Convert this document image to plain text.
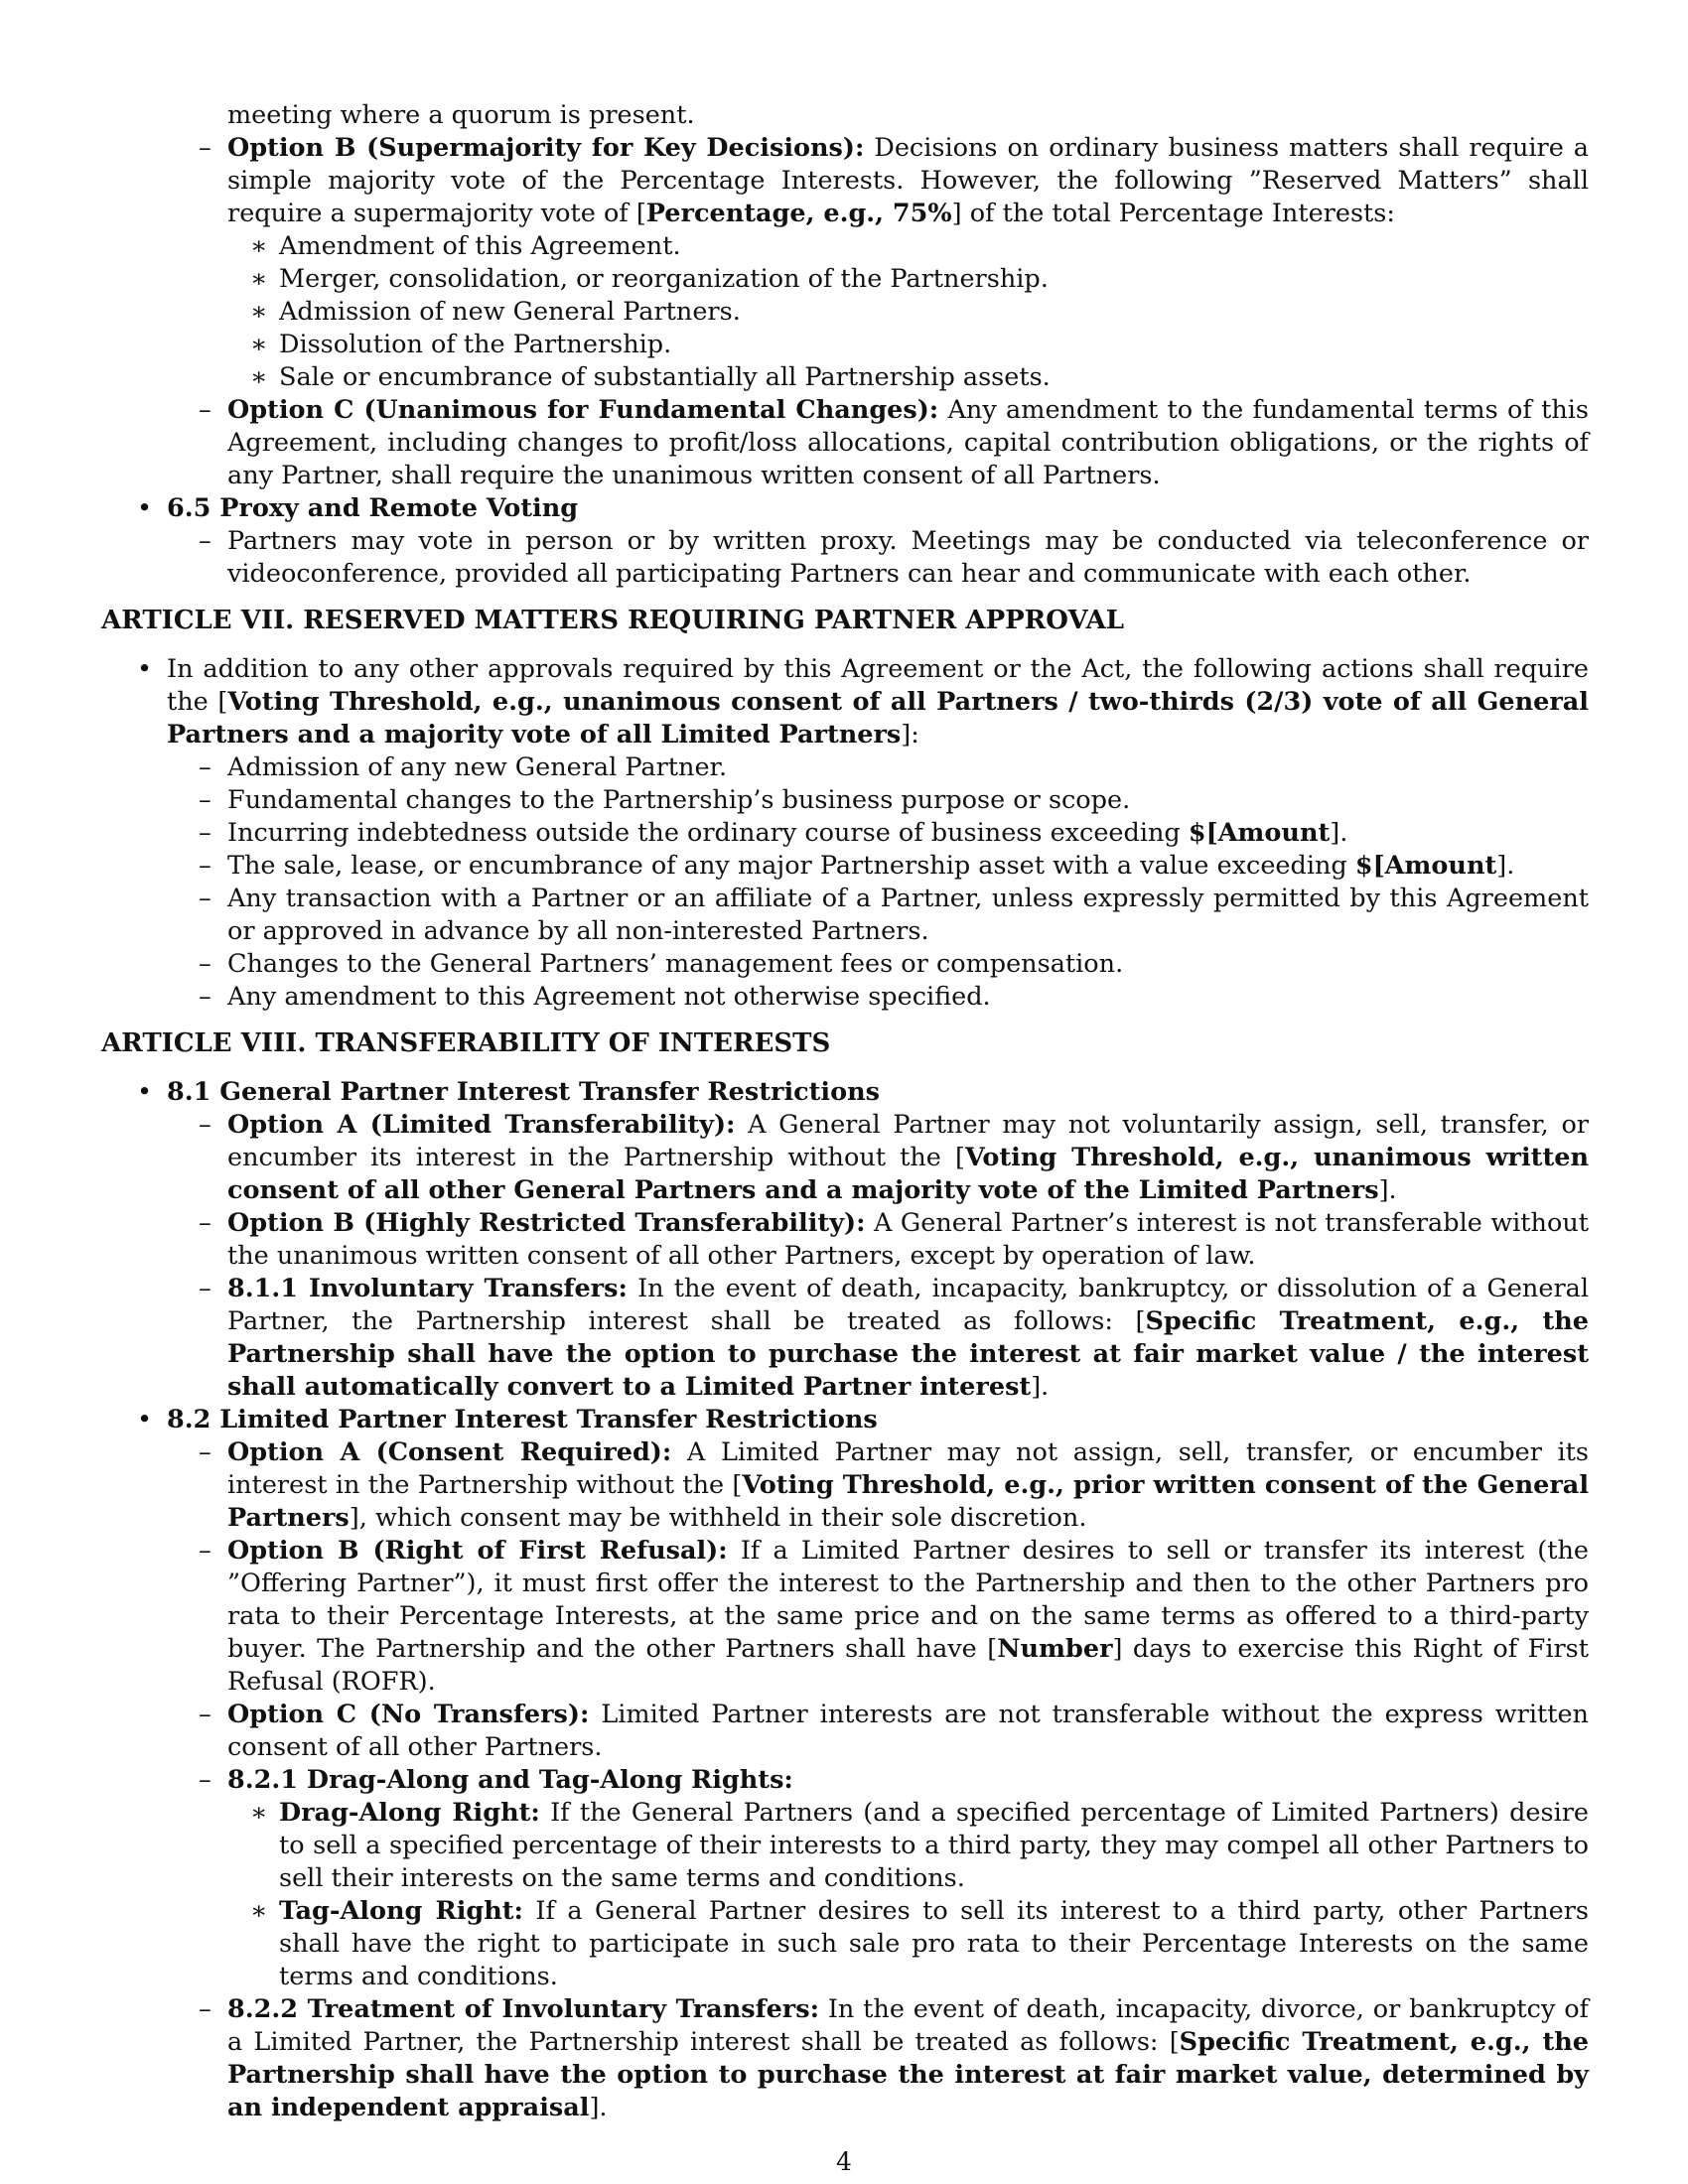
meeting where a quorum is present.

– Option B (Supermajority for Key Decisions): Decisions on ordinary business matters shall require a simple majority vote of the Percentage Interests. However, the following ”Reserved Matters” shall require a supermajority vote of [Percentage, e.g., 75%] of the total Percentage Interests:

∗ Amendment of this Agreement.

∗ Merger, consolidation, or reorganization of the Partnership.

∗ Admission of new General Partners.

∗ Dissolution of the Partnership.

∗ Sale or encumbrance of substantially all Partnership assets.

– Option C (Unanimous for Fundamental Changes): Any amendment to the fundamental terms of this Agreement, including changes to profit/loss allocations, capital contribution obligations, or the rights of any Partner, shall require the unanimous written consent of all Partners.

• 6.5 Proxy and Remote Voting

– Partners may vote in person or by written proxy. Meetings may be conducted via teleconference or videoconference, provided all participating Partners can hear and communicate with each other.

ARTICLE VII. RESERVED MATTERS REQUIRING PARTNER APPROVAL

• In addition to any other approvals required by this Agreement or the Act, the following actions shall require the [Voting Threshold, e.g., unanimous consent of all Partners / two-thirds (2/3) vote of all General Partners and a majority vote of all Limited Partners]:

– Admission of any new General Partner.

– Fundamental changes to the Partnership’s business purpose or scope.

– Incurring indebtedness outside the ordinary course of business exceeding $[Amount].

– The sale, lease, or encumbrance of any major Partnership asset with a value exceeding $[Amount].

– Any transaction with a Partner or an affiliate of a Partner, unless expressly permitted by this Agreement or approved in advance by all non-interested Partners.

– Changes to the General Partners’ management fees or compensation.

– Any amendment to this Agreement not otherwise specified.

ARTICLE VIII. TRANSFERABILITY OF INTERESTS

• 8.1 General Partner Interest Transfer Restrictions

– Option A (Limited Transferability): A General Partner may not voluntarily assign, sell, transfer, or encumber its interest in the Partnership without the [Voting Threshold, e.g., unanimous written consent of all other General Partners and a majority vote of the Limited Partners].

– Option B (Highly Restricted Transferability): A General Partner’s interest is not transferable without the unanimous written consent of all other Partners, except by operation of law.

– 8.1.1 Involuntary Transfers: In the event of death, incapacity, bankruptcy, or dissolution of a General Partner, the Partnership interest shall be treated as follows: [Specific Treatment, e.g., the Partnership shall have the option to purchase the interest at fair market value / the interest shall automatically convert to a Limited Partner interest].

• 8.2 Limited Partner Interest Transfer Restrictions

– Option A (Consent Required): A Limited Partner may not assign, sell, transfer, or encumber its interest in the Partnership without the [Voting Threshold, e.g., prior written consent of the General Partners], which consent may be withheld in their sole discretion.

– Option B (Right of First Refusal): If a Limited Partner desires to sell or transfer its interest (the ”Offering Partner”), it must first offer the interest to the Partnership and then to the other Partners pro rata to their Percentage Interests, at the same price and on the same terms as offered to a third-party buyer. The Partnership and the other Partners shall have [Number] days to exercise this Right of First Refusal (ROFR).

– Option C (No Transfers): Limited Partner interests are not transferable without the express written consent of all other Partners.

– 8.2.1 Drag-Along and Tag-Along Rights:

∗ Drag-Along Right: If the General Partners (and a specified percentage of Limited Partners) desire to sell a specified percentage of their interests to a third party, they may compel all other Partners to sell their interests on the same terms and conditions.

∗ Tag-Along Right: If a General Partner desires to sell its interest to a third party, other Partners shall have the right to participate in such sale pro rata to their Percentage Interests on the same terms and conditions.

– 8.2.2 Treatment of Involuntary Transfers: In the event of death, incapacity, divorce, or bankruptcy of a Limited Partner, the Partnership interest shall be treated as follows: [Specific Treatment, e.g., the Partnership shall have the option to purchase the interest at fair market value, determined by an independent appraisal].

4
